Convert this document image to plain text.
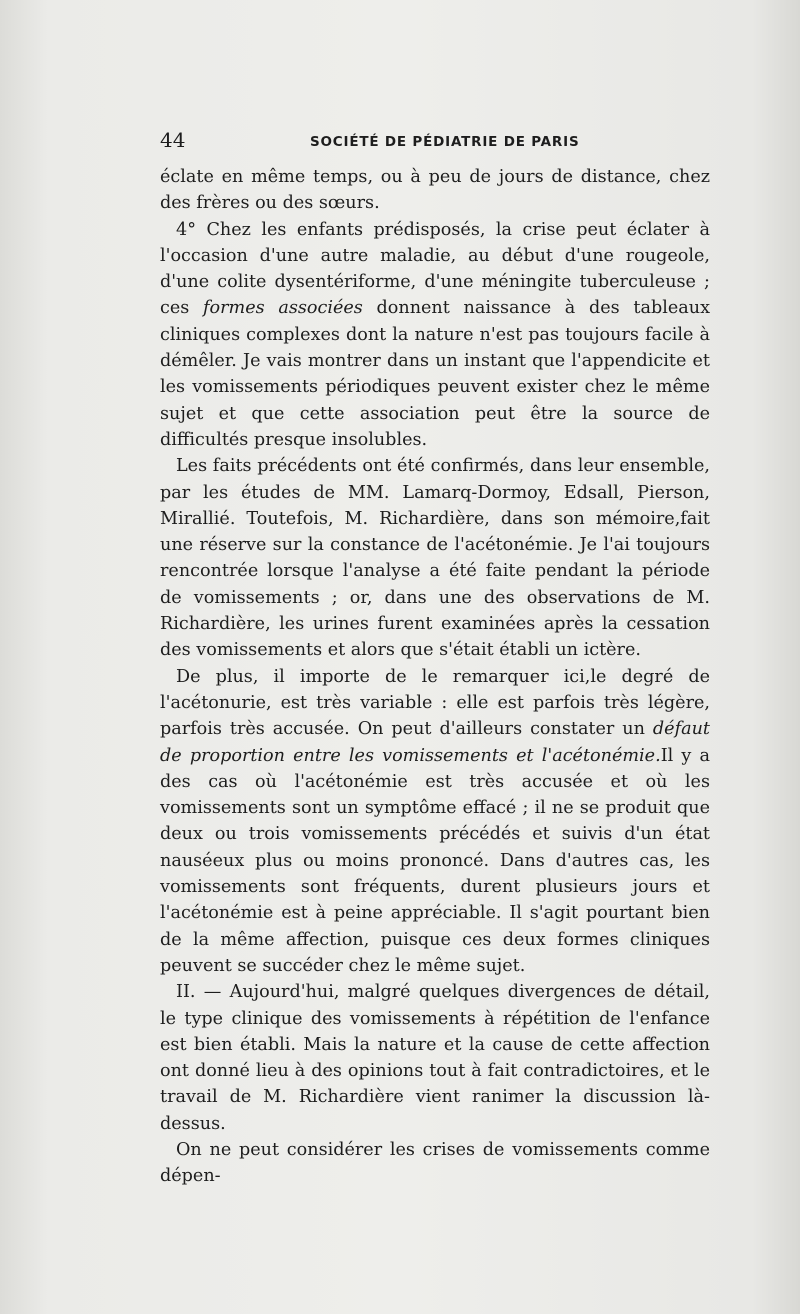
44	SOCIÉTÉ DE PÉDIATRIE DE PARIS

éclate en même temps, ou à peu de jours de distance, chez des frères ou des sœurs.

4° Chez les enfants prédisposés, la crise peut éclater à l'occasion d'une autre maladie, au début d'une rougeole, d'une colite dysentériforme, d'une méningite tuberculeuse ; ces formes associées donnent naissance à des tableaux cliniques complexes dont la nature n'est pas toujours facile à démêler. Je vais montrer dans un instant que l'appendicite et les vomissements périodiques peuvent exister chez le même sujet et que cette association peut être la source de difficultés presque insolubles.

Les faits précédents ont été confirmés, dans leur ensemble, par les études de MM. Lamarq-Dormoy, Edsall, Pierson, Mirallié. Toutefois, M. Richardière, dans son mémoire,fait une réserve sur la constance de l'acétonémie. Je l'ai toujours rencontrée lorsque l'analyse a été faite pendant la période de vomissements ; or, dans une des observations de M. Richardière, les urines furent examinées après la cessation des vomissements et alors que s'était établi un ictère.

De plus, il importe de le remarquer ici,le degré de l'acétonurie, est très variable : elle est parfois très légère, parfois très accusée. On peut d'ailleurs constater un défaut de proportion entre les vomissements et l'acétonémie.Il y a des cas où l'acétonémie est très accusée et où les vomissements sont un symptôme effacé ; il ne se produit que deux ou trois vomissements précédés et suivis d'un état nauséeux plus ou moins prononcé. Dans d'autres cas, les vomissements sont fréquents, durent plusieurs jours et l'acétonémie est à peine appréciable. Il s'agit pourtant bien de la même affection, puisque ces deux formes cliniques peuvent se succéder chez le même sujet.

II. — Aujourd'hui, malgré quelques divergences de détail, le type clinique des vomissements à répétition de l'enfance est bien établi. Mais la nature et la cause de cette affection ont donné lieu à des opinions tout à fait contradictoires, et le travail de M. Richardière vient ranimer la discussion là-dessus.

On ne peut considérer les crises de vomissements comme dépen-
